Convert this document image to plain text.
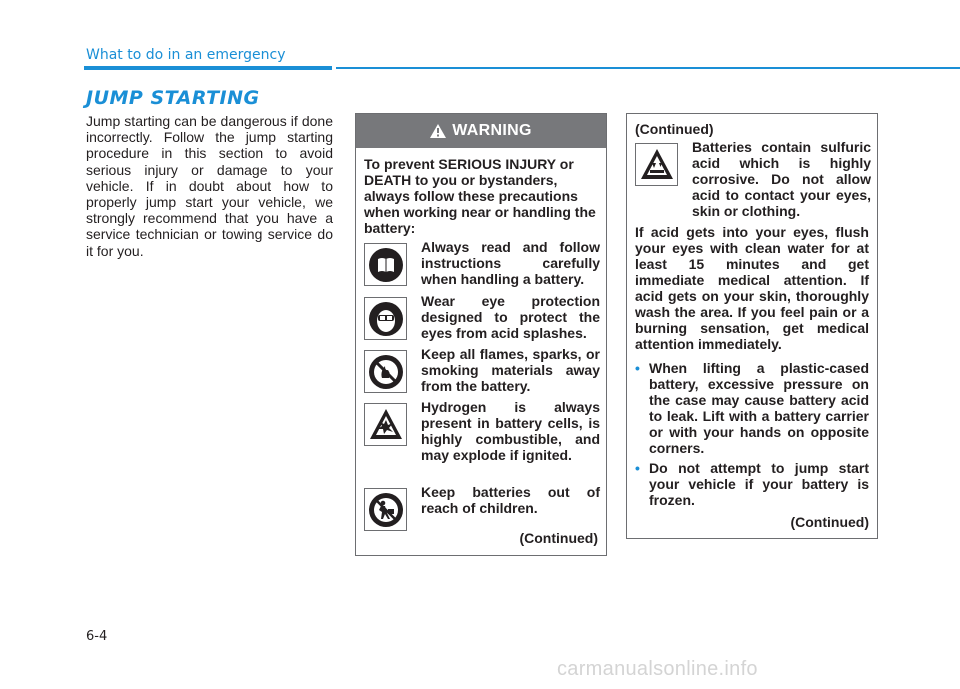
What to do in an emergency
JUMP STARTING
Jump starting can be dangerous if done incorrectly. Follow the jump starting procedure in this section to avoid serious injury or damage to your vehicle. If in doubt about how to properly jump start your vehicle, we strongly recommend that you have a service technician or towing service do it for you.
WARNING
To prevent SERIOUS INJURY or DEATH to you or bystanders, always follow these precautions when working near or handling the battery:
Always read and follow instructions carefully when handling a battery.
Wear eye protection designed to protect the eyes from acid splashes.
Keep all flames, sparks, or smoking materials away from the battery.
Hydrogen is always present in battery cells, is highly combustible, and may explode if ignited.
Keep batteries out of reach of children.
(Continued)
(Continued)
Batteries contain sulfuric acid which is highly corrosive. Do not allow acid to contact your eyes, skin or clothing.
If acid gets into your eyes, flush your eyes with clean water for at least 15 minutes and get immediate medical attention. If acid gets on your skin, thoroughly wash the area. If you feel pain or a burning sensation, get medical attention immediately.
• When lifting a plastic-cased battery, excessive pressure on the case may cause battery acid to leak. Lift with a battery carrier or with your hands on opposite corners.
• Do not attempt to jump start your vehicle if your battery is frozen.
(Continued)
6-4
carmanualsonline.info
